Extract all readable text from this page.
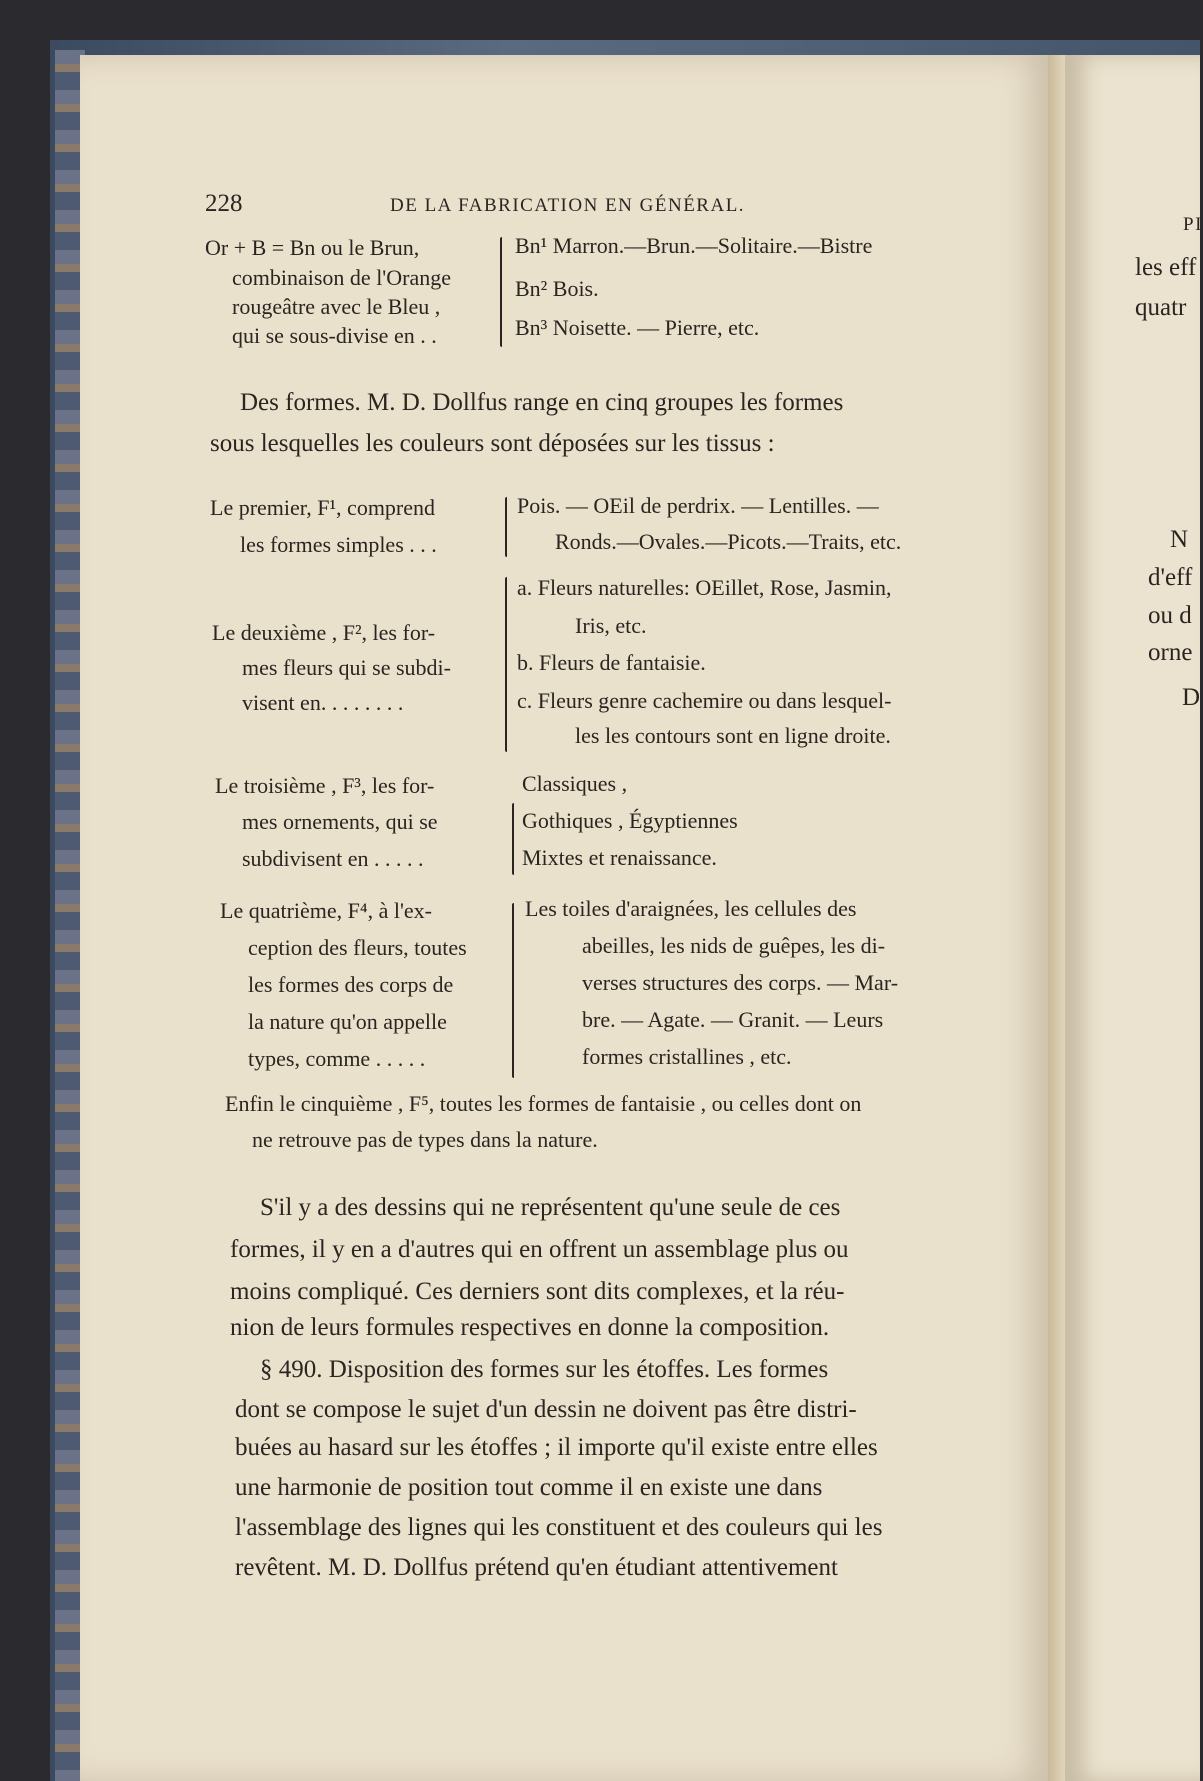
228	DE LA FABRICATION EN GÉNÉRAL.
Or + B = Bn ou le Brun,
combinaison de l'Orange
rougeâtre avec le Bleu ,
qui se sous-divise en . .
Bn¹ Marron.—Brun.—Solitaire.—Bistre
Bn² Bois.
Bn³ Noisette. — Pierre, etc.
Des formes. M. D. Dollfus range en cinq groupes les formes
sous lesquelles les couleurs sont déposées sur les tissus :
Le premier, F¹, comprend
les formes simples . . .
Pois. — OEil de perdrix. — Lentilles. —
Ronds.—Ovales.—Picots.—Traits, etc.
Le deuxième , F², les for-
mes fleurs qui se subdi-
visent en. . . . . . . .
a. Fleurs naturelles: OEillet, Rose, Jasmin,
Iris, etc.
b. Fleurs de fantaisie.
c. Fleurs genre cachemire ou dans lesquel-
les les contours sont en ligne droite.
Le troisième , F³, les for-
mes ornements, qui se
subdivisent en . . . . .
Classiques ,
Gothiques , Égyptiennes
Mixtes et renaissance.
Le quatrième, F⁴, à l'ex-
ception des fleurs, toutes
les formes des corps de
la nature qu'on appelle
types, comme . . . . .
Les toiles d'araignées, les cellules des
abeilles, les nids de guêpes, les di-
verses structures des corps. — Mar-
bre. — Agate. — Granit. — Leurs
formes cristallines , etc.
Enfin le cinquième , F⁵, toutes les formes de fantaisie , ou celles dont on
ne retrouve pas de types dans la nature.
S'il y a des dessins qui ne représentent qu'une seule de ces
formes, il y en a d'autres qui en offrent un assemblage plus ou
moins compliqué. Ces derniers sont dits complexes, et la réu-
nion de leurs formules respectives en donne la composition.
§ 490. Disposition des formes sur les étoffes. Les formes
dont se compose le sujet d'un dessin ne doivent pas être distri-
buées au hasard sur les étoffes ; il importe qu'il existe entre elles
une harmonie de position tout comme il en existe une dans
l'assemblage des lignes qui les constituent et des couleurs qui les
revêtent. M. D. Dollfus prétend qu'en étudiant attentivement
PI
les eff
quatr
N
d'eff
ou d
orne
D
